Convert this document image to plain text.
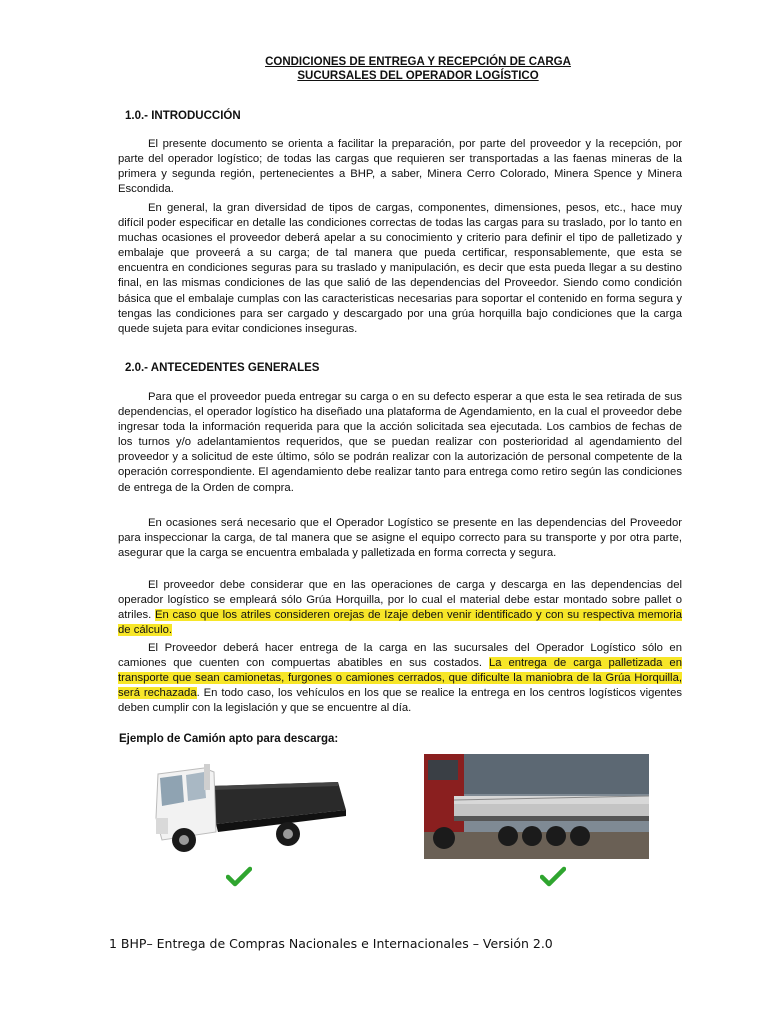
CONDICIONES DE ENTREGA Y RECEPCIÓN DE CARGA
SUCURSALES DEL OPERADOR LOGÍSTICO
1.0.- INTRODUCCIÓN

El presente documento se orienta a facilitar la preparación, por parte del proveedor y la recepción, por parte del operador logístico; de todas las cargas que requieren ser transportadas a las faenas mineras de la primera y segunda región, pertenecientes a BHP, a saber, Minera Cerro Colorado, Minera Spence y Minera Escondida.

En general, la gran diversidad de tipos de cargas, componentes, dimensiones, pesos, etc., hace muy difícil poder especificar en detalle las condiciones correctas de todas las cargas para su traslado, por lo tanto en muchas ocasiones el proveedor deberá apelar a su conocimiento y criterio para definir el tipo de palletizado y embalaje que proveerá a su carga; de tal manera que pueda certificar, responsablemente, que esta se encuentra en condiciones seguras para su traslado y manipulación, es decir que esta pueda llegar a su destino final, en las mismas condiciones de las que salió de las dependencias del Proveedor. Siendo como condición básica que el embalaje cumplas con las caracteristicas necesarias para soportar el contenido en forma segura y tengas las condiciones para ser cargado y descargado por una grúa horquilla bajo condiciones que la carga quede sujeta para evitar condiciones inseguras.

2.0.- ANTECEDENTES GENERALES

Para que el proveedor pueda entregar su carga o en su defecto esperar a que esta le sea retirada de sus dependencias, el operador logístico ha diseñado una plataforma de Agendamiento, en la cual el proveedor debe ingresar toda la información requerida para que la acción solicitada sea ejecutada. Los cambios de fechas de los turnos y/o adelantamientos requeridos, que se puedan realizar con posterioridad al agendamiento del proveedor y a solicitud de este último, sólo se podrán realizar con la autorización de personal competente de la operación correspondiente. El agendamiento debe realizar tanto para entrega como retiro según las condiciones de entrega de la Orden de compra.

En ocasiones será necesario que el Operador Logístico se presente en las dependencias del Proveedor para inspeccionar la carga, de tal manera que se asigne el equipo correcto para su transporte y por otra parte, asegurar que la carga se encuentra embalada y palletizada en forma correcta y segura.

El proveedor debe considerar que en las operaciones de carga y descarga en las dependencias del operador logístico se empleará sólo Grúa Horquilla, por lo cual el material debe estar montado sobre pallet o atriles. En caso que los atriles consideren orejas de Izaje deben venir identificado y con su respectiva memoria de cálculo.

El Proveedor deberá hacer entrega de la carga en las sucursales del Operador Logístico sólo en camiones que cuenten con compuertas abatibles en sus costados. La entrega de carga palletizada en transporte que sean camionetas, furgones o camiones cerrados, que dificulte la maniobra de la Grúa Horquilla, será rechazada. En todo caso, los vehículos en los que se realice la entrega en los centros logísticos vigentes deben cumplir con la legislación y que se encuentre al día.

Ejemplo de Camión apto para descarga:
1 BHP– Entrega de Compras Nacionales e Internacionales – Versión 2.0
